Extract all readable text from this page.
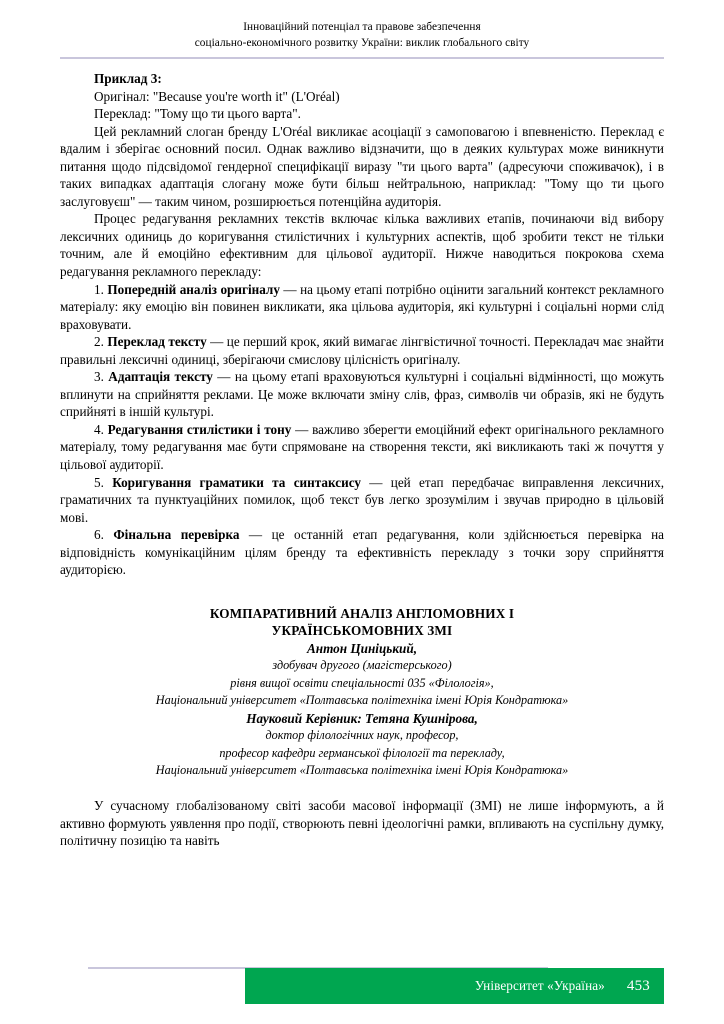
Інноваційний потенціал та правове забезпечення
соціально-економічного розвитку України: виклик глобального світу

Приклад 3:

Оригінал: "Because you're worth it" (L'Oréal)

Переклад: "Тому що ти цього варта".

Цей рекламний слоган бренду L'Oréal викликає асоціації з самоповагою і впевненістю. Переклад є вдалим і зберігає основний посил. Однак важливо відзначити, що в деяких культурах може виникнути питання щодо підсвідомої гендерної специфікації виразу "ти цього варта" (адресуючи споживачок), і в таких випадках адаптація слогану може бути більш нейтральною, наприклад: "Тому що ти цього заслуговуєш" — таким чином, розширюється потенційна аудиторія.

Процес редагування рекламних текстів включає кілька важливих етапів, починаючи від вибору лексичних одиниць до коригування стилістичних і культурних аспектів, щоб зробити текст не тільки точним, але й емоційно ефективним для цільової аудиторії. Нижче наводиться покрокова схема редагування рекламного перекладу:

1. Попередній аналіз оригіналу — на цьому етапі потрібно оцінити загальний контекст рекламного матеріалу: яку емоцію він повинен викликати, яка цільова аудиторія, які культурні і соціальні норми слід враховувати.

2. Переклад тексту — це перший крок, який вимагає лінгвістичної точності. Перекладач має знайти правильні лексичні одиниці, зберігаючи смислову цілісність оригіналу.

3. Адаптація тексту — на цьому етапі враховуються культурні і соціальні відмінності, що можуть вплинути на сприйняття реклами. Це може включати зміну слів, фраз, символів чи образів, які не будуть сприйняті в іншій культурі.

4. Редагування стилістики і тону — важливо зберегти емоційний ефект оригінального рекламного матеріалу, тому редагування має бути спрямоване на створення тексти, які викликають такі ж почуття у цільової аудиторії.

5. Коригування граматики та синтаксису — цей етап передбачає виправлення лексичних, граматичних та пунктуаційних помилок, щоб текст був легко зрозумілим і звучав природно в цільовій мові.

6. Фінальна перевірка — це останній етап редагування, коли здійснюється перевірка на відповідність комунікаційним цілям бренду та ефективність перекладу з точки зору сприйняття аудиторією.

КОМПАРАТИВНИЙ АНАЛІЗ АНГЛОМОВНИХ І
УКРАЇНСЬКОМОВНИХ ЗМІ
Антон Циніцький,
здобувач другого (магістерського)
рівня вищої освіти спеціальності 035 «Філологія»,
Національний університет «Полтавська політехніка імені Юрія Кондратюка»
Науковий Керівник: Тетяна Кушнірова,
доктор філологічних наук, професор,
професор кафедри германської філології та перекладу,
Національний університет «Полтавська політехніка імені Юрія Кондратюка»

У сучасному глобалізованому світі засоби масової інформації (ЗМІ) не лише інформують, а й активно формують уявлення про події, створюють певні ідеологічні рамки, впливають на суспільну думку, політичну позицію та навіть

Університет «Україна» 453
